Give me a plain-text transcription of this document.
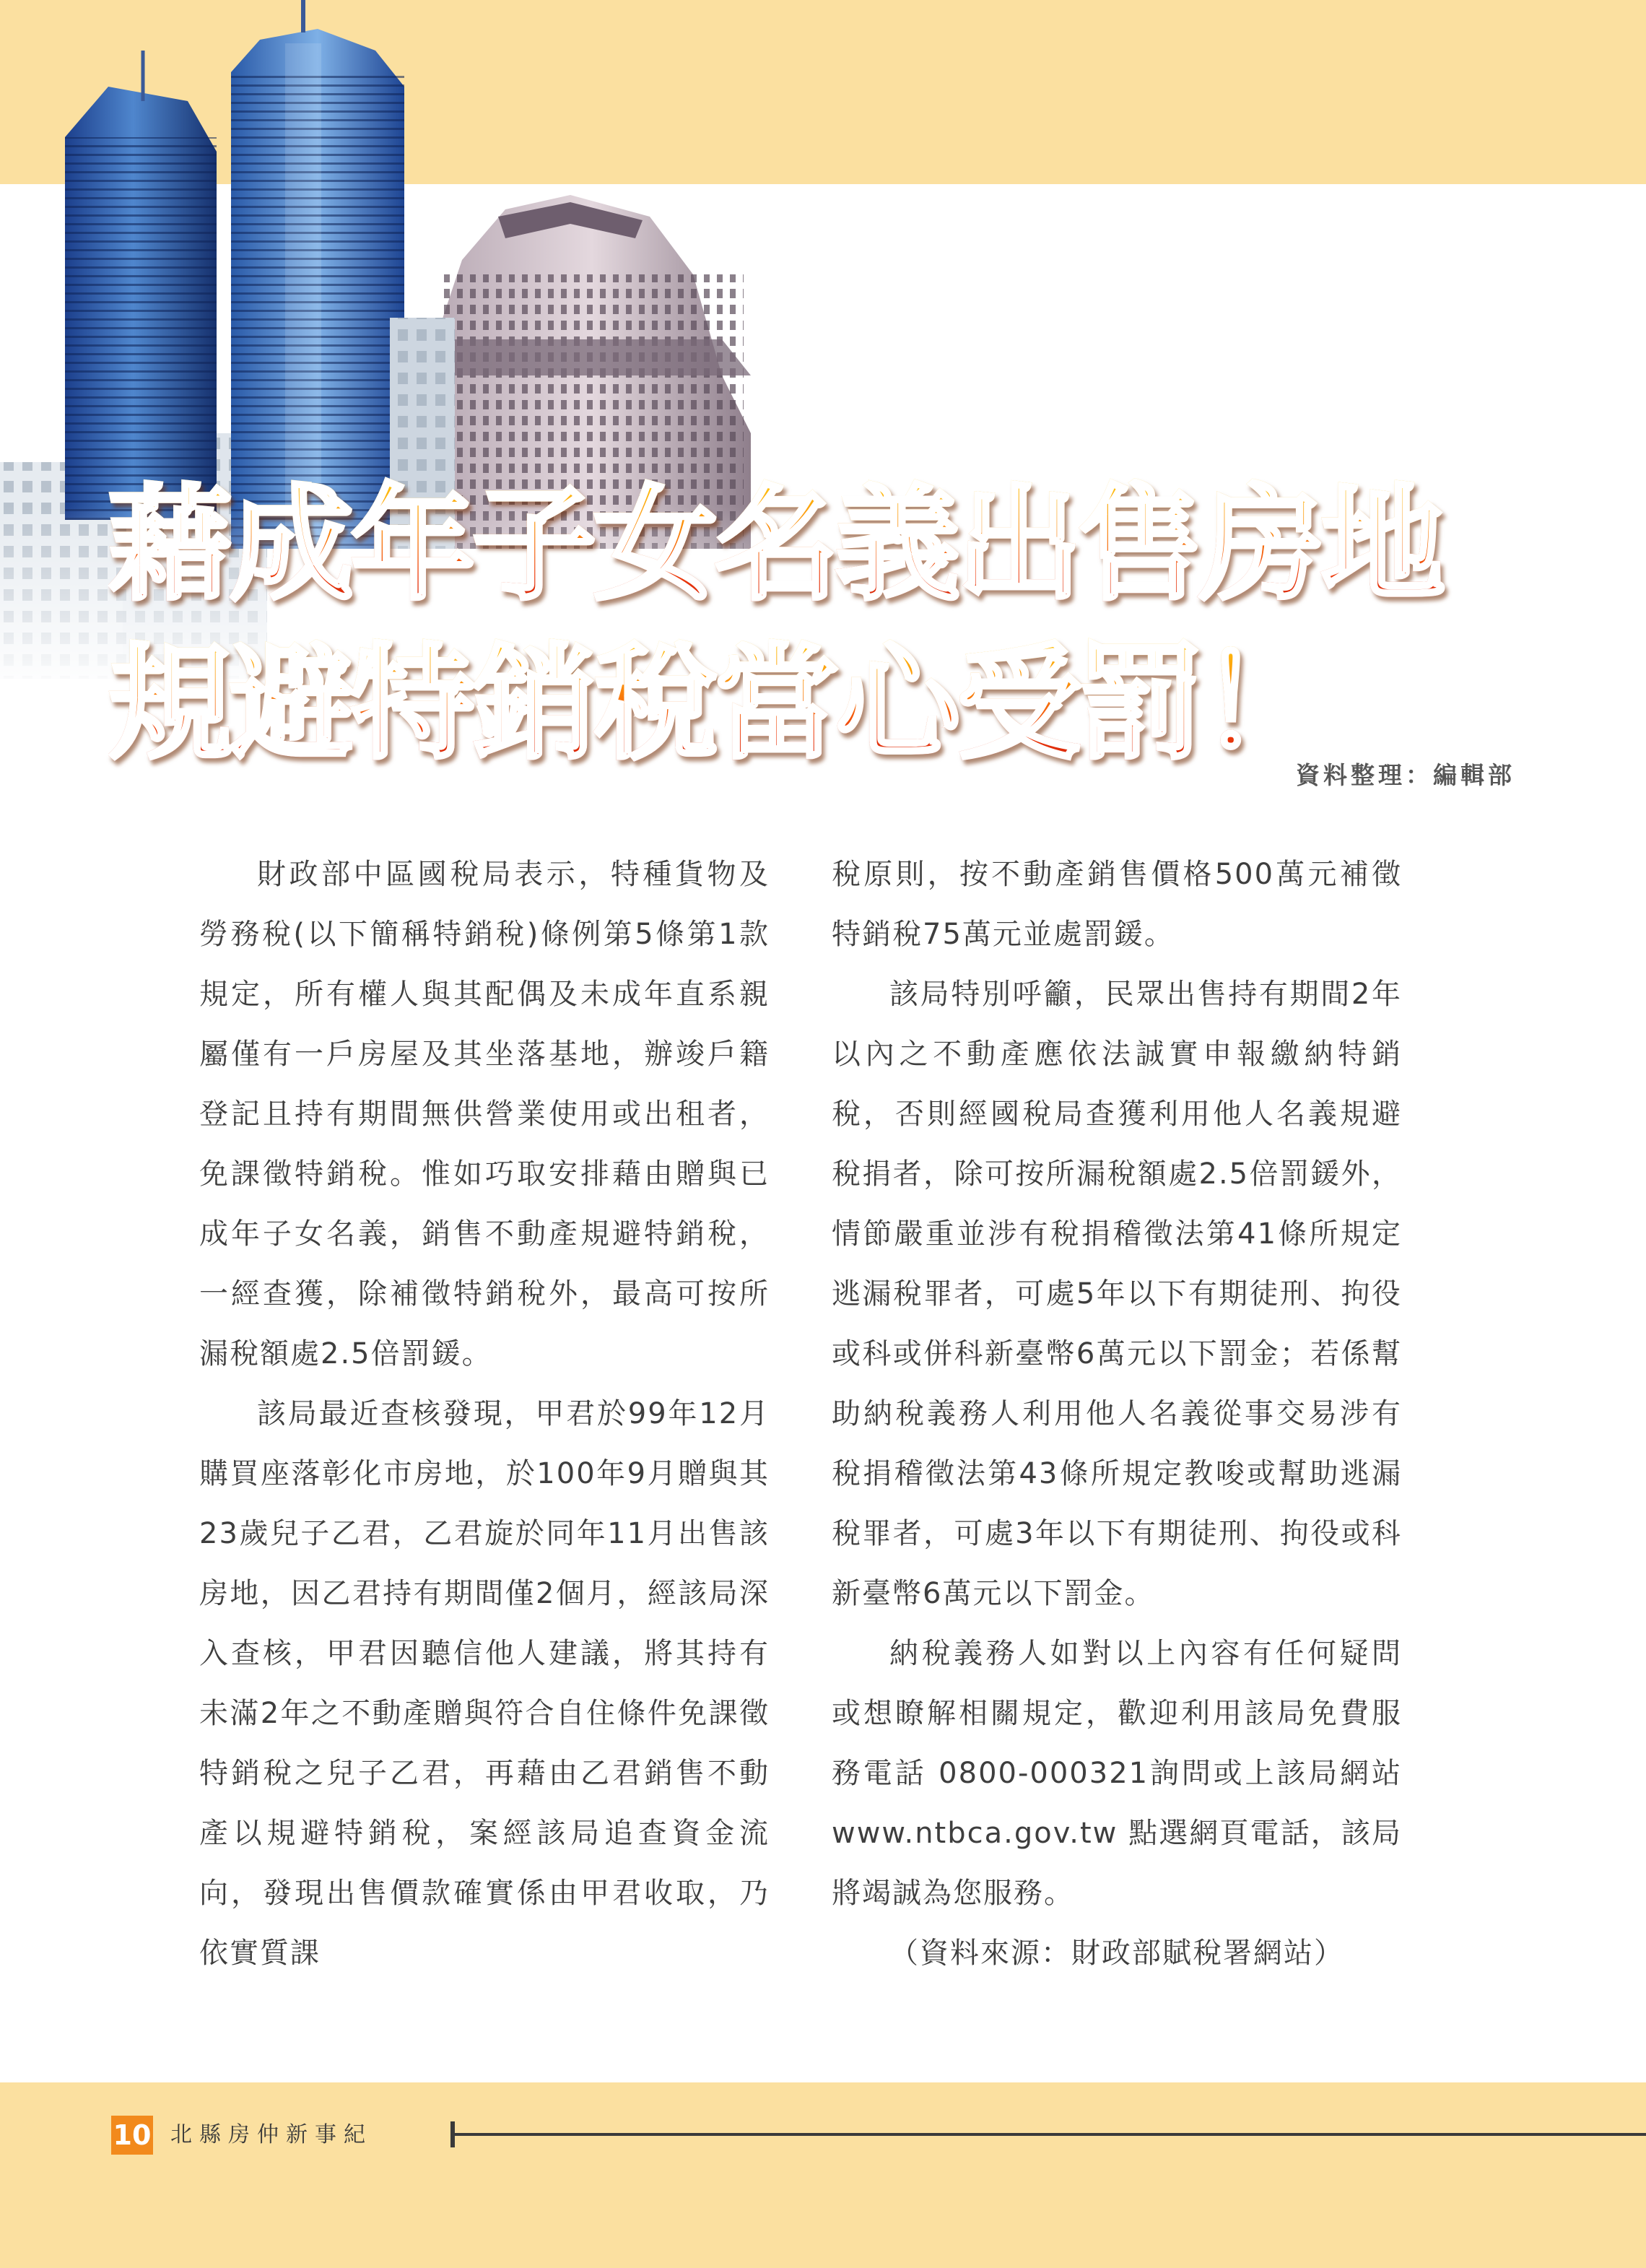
藉成年子女名義出售房地
規避特銷稅當心受罰！

資料整理：編輯部

財政部中區國稅局表示，特種貨物及勞務稅(以下簡稱特銷稅)條例第5條第1款規定，所有權人與其配偶及未成年直系親屬僅有一戶房屋及其坐落基地，辦竣戶籍登記且持有期間無供營業使用或出租者，免課徵特銷稅。惟如巧取安排藉由贈與已成年子女名義，銷售不動產規避特銷稅，一經查獲，除補徵特銷稅外，最高可按所漏稅額處2.5倍罰鍰。

該局最近查核發現，甲君於99年12月購買座落彰化市房地，於100年9月贈與其23歲兒子乙君，乙君旋於同年11月出售該房地，因乙君持有期間僅2個月，經該局深入查核，甲君因聽信他人建議，將其持有未滿2年之不動產贈與符合自住條件免課徵特銷稅之兒子乙君，再藉由乙君銷售不動產以規避特銷稅，案經該局追查資金流向，發現出售價款確實係由甲君收取，乃依實質課

稅原則，按不動產銷售價格500萬元補徵特銷稅75萬元並處罰鍰。

該局特別呼籲，民眾出售持有期間2年以內之不動產應依法誠實申報繳納特銷稅，否則經國稅局查獲利用他人名義規避稅捐者，除可按所漏稅額處2.5倍罰鍰外，情節嚴重並涉有稅捐稽徵法第41條所規定逃漏稅罪者，可處5年以下有期徒刑、拘役或科或併科新臺幣6萬元以下罰金；若係幫助納稅義務人利用他人名義從事交易涉有稅捐稽徵法第43條所規定教唆或幫助逃漏稅罪者，可處3年以下有期徒刑、拘役或科新臺幣6萬元以下罰金。

納稅義務人如對以上內容有任何疑問或想瞭解相關規定，歡迎利用該局免費服務電話 0800-000321詢問或上該局網站www.ntbca.gov.tw 點選網頁電話，該局將竭誠為您服務。

（資料來源：財政部賦稅署網站）

10 北縣房仲新事紀
